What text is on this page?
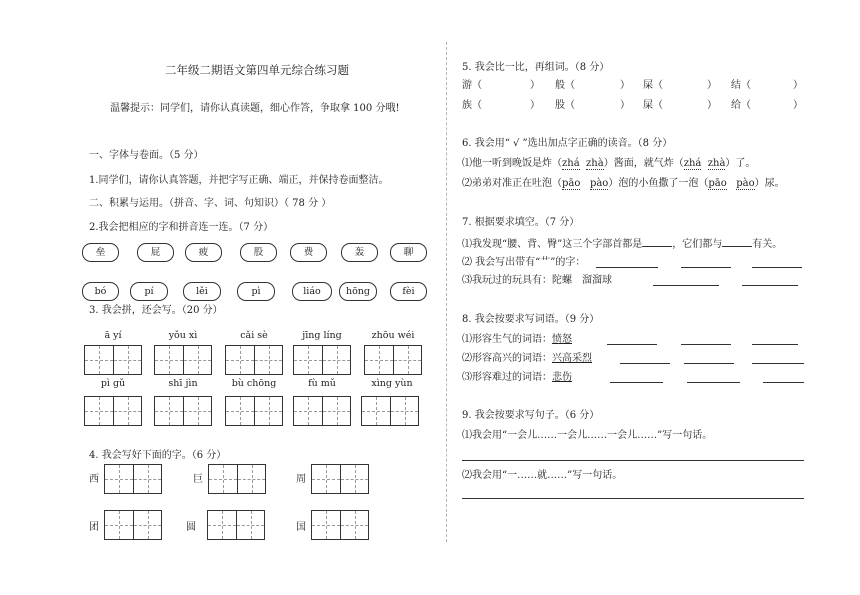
二年级二期语文第四单元综合练习题
温馨提示：同学们，请你认真读题，细心作答，争取拿 100 分哦!
一、字体与卷面。（5 分）
1.同学们，请你认真答题，并把字写正确、端正，并保持卷面整洁。
二、积累与运用。（拼音、字、词、句知识）（ 78 分 ）
2.我会把相应的字和拼音连一连。（7 分）
垒	屁	疲	股	费	轰	聊
bó	pí	lěi	pì	liáo	hōng	fèi
3. 我会拼，还会写。（20 分）
ā yí	yǒu xì	cǎi sè	jīng líng	zhōu wéi
pì gǔ	shī jìn	bù chōng	fù mǔ	xìng yùn
4. 我会写好下面的字。（6 分）
西	巨	周
团	圆	国
5. 我会比一比，再组词。（8 分）
游（	） 般（	） 屎（	） 结（	）
族（	） 股（	） 屎（	） 给（	）
6. 我会用“ √ ”选出加点字正确的读音。（8 分）
⑴他一听到晚饭是炸（zhá zhà）酱面，就气炸（zhá zhà）了。
⑵弟弟对准正在吐泡（pāo pào）泡的小鱼撒了一泡（pāo pào）尿。
7. 根据要求填空。（7 分）
⑴我发现“腰、背、臀”这三个字部首都是	，它们都与	有关。
⑵ 我会写出带有“艹”的字：
⑶我玩过的玩具有：陀螺　溜溜球
8. 我会按要求写词语。（9 分）
⑴形容生气的词语：愤怒
⑵形容高兴的词语：兴高采烈
⑶形容难过的词语：悲伤
9. 我会按要求写句子。（6 分）
⑴我会用“一会儿……一会儿……一会儿……”写一句话。
⑵我会用“一……就……”写一句话。
